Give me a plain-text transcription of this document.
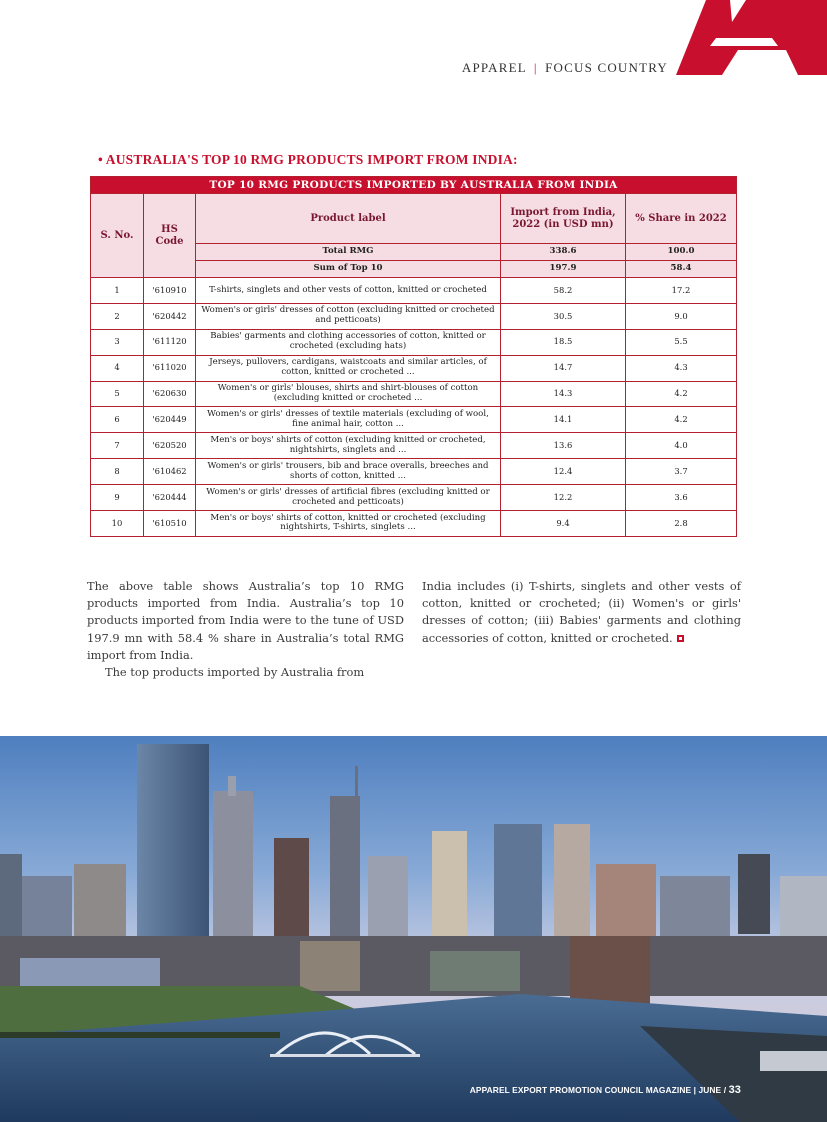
APPAREL | FOCUS COUNTRY
• AUSTRALIA'S TOP 10 RMG PRODUCTS IMPORT FROM INDIA:
TOP 10 RMG PRODUCTS IMPORTED BY AUSTRALIA FROM INDIA				
S. No.	HS Code	Product label	Import from India, 2022 (in USD mn)	% Share in 2022
		Total RMG	338.6	100.0
		Sum of Top 10	197.9	58.4
1	'610910	T-shirts, singlets and other vests of cotton, knitted or crocheted	58.2	17.2
2	'620442	Women's or girls' dresses of cotton (excluding knitted or crocheted and petticoats)	30.5	9.0
3	'611120	Babies' garments and clothing accessories of cotton, knitted or crocheted (excluding hats)	18.5	5.5
4	'611020	Jerseys, pullovers, cardigans, waistcoats and similar articles, of cotton, knitted or crocheted ...	14.7	4.3
5	'620630	Women's or girls' blouses, shirts and shirt-blouses of cotton (excluding knitted or crocheted ...	14.3	4.2
6	'620449	Women's or girls' dresses of textile materials (excluding of wool, fine animal hair, cotton ...	14.1	4.2
7	'620520	Men's or boys' shirts of cotton (excluding knitted or crocheted, nightshirts, singlets and ...	13.6	4.0
8	'610462	Women's or girls' trousers, bib and brace overalls, breeches and shorts of cotton, knitted ...	12.4	3.7
9	'620444	Women's or girls' dresses of artificial fibres (excluding knitted or crocheted and petticoats)	12.2	3.6
10	'610510	Men's or boys' shirts of cotton, knitted or crocheted (excluding nightshirts, T-shirts, singlets ...	9.4	2.8

The above table shows Australia’s top 10 RMG products imported from India. Australia’s top 10 products imported from India were to the tune of USD 197.9 mn with 58.4 % share in Australia’s total RMG import from India.

The top products imported by Australia from

India includes (i) T-shirts, singlets and other vests of cotton, knitted or crocheted; (ii) Women's or girls' dresses of cotton; (iii) Babies' garments and clothing accessories of cotton, knitted or crocheted.

APPAREL EXPORT PROMOTION COUNCIL MAGAZINE | JUNE / 33
